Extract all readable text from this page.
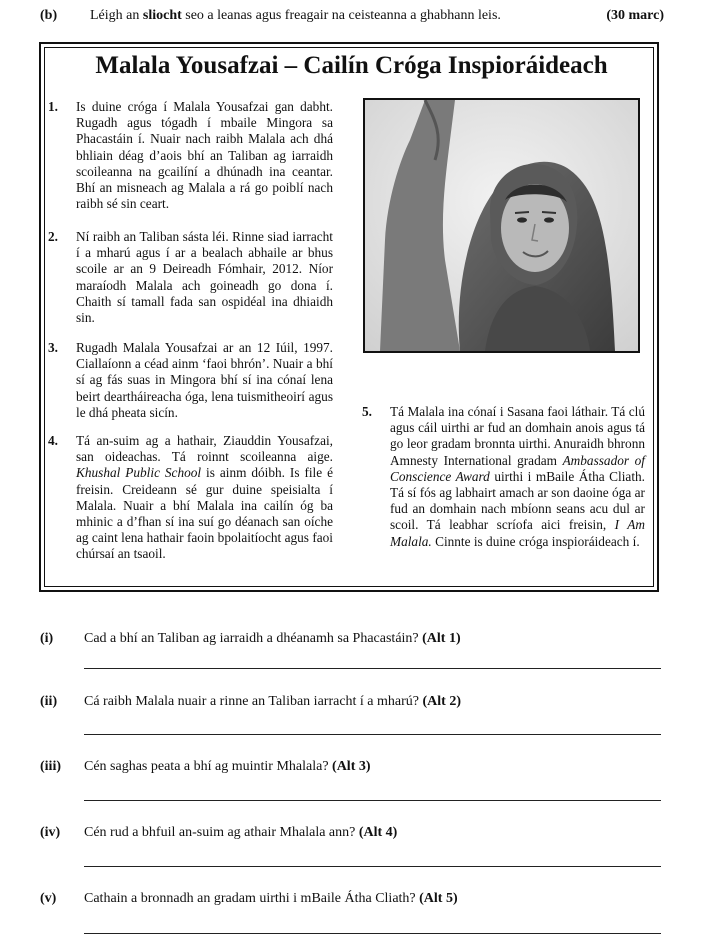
(b) Léigh an sliocht seo a leanas agus freagair na ceisteanna a ghabhann leis.	(30 marc)
Malala Yousafzai – Cailín Cróga Inspioráideach
1. Is duine cróga í Malala Yousafzai gan dabht. Rugadh agus tógadh í mbaile Mingora sa Phacastáin í. Nuair nach raibh Malala ach dhá bhliain déag d’aois bhí an Taliban ag iarraidh scoileanna na gcailíní a dhúnadh ina ceantar. Bhí an misneach ag Malala a rá go poiblí nach raibh sé sin ceart.
2. Ní raibh an Taliban sásta léi. Rinne siad iarracht í a mharú agus í ar a bealach abhaile ar bhus scoile ar an 9 Deireadh Fómhair, 2012. Níor maraíodh Malala ach goineadh go dona í. Chaith sí tamall fada san ospidéal ina dhiaidh sin.
3. Rugadh Malala Yousafzai ar an 12 Iúil, 1997. Ciallaíonn a céad ainm ‘faoi bhrón’. Nuair a bhí sí ag fás suas in Mingora bhí sí ina cónaí lena beirt deartháireacha óga, lena tuismitheoirí agus le dhá pheata sicín.
4. Tá an-suim ag a hathair, Ziauddin Yousafzai, san oideachas. Tá roinnt scoileanna aige. Khushal Public School is ainm dóibh. Is file é freisin. Creideann sé gur duine speisialta í Malala. Nuair a bhí Malala ina cailín óg ba mhinic a d’fhan sí ina suí go déanach san oíche ag caint lena hathair faoin bpolaitíocht agus faoi chúrsaí an tsaoil.
5. Tá Malala ina cónaí i Sasana faoi láthair. Tá clú agus cáil uirthi ar fud an domhain anois agus tá go leor gradam bronnta uirthi. Anuraidh bhronn Amnesty International gradam Ambassador of Conscience Award uirthi i mBaile Átha Cliath. Tá sí fós ag labhairt amach ar son daoine óga ar fud an domhain nach mbíonn seans acu dul ar scoil. Tá leabhar scríofa aici freisin, I Am Malala. Cinnte is duine cróga inspioráideach í.
(i) Cad a bhí an Taliban ag iarraidh a dhéanamh sa Phacastáin? (Alt 1)
(ii) Cá raibh Malala nuair a rinne an Taliban iarracht í a mharú? (Alt 2)
(iii) Cén saghas peata a bhí ag muintir Mhalala? (Alt 3)
(iv) Cén rud a bhfuil an-suim ag athair Mhalala ann? (Alt 4)
(v) Cathain a bronnadh an gradam uirthi i mBaile Átha Cliath? (Alt 5)
